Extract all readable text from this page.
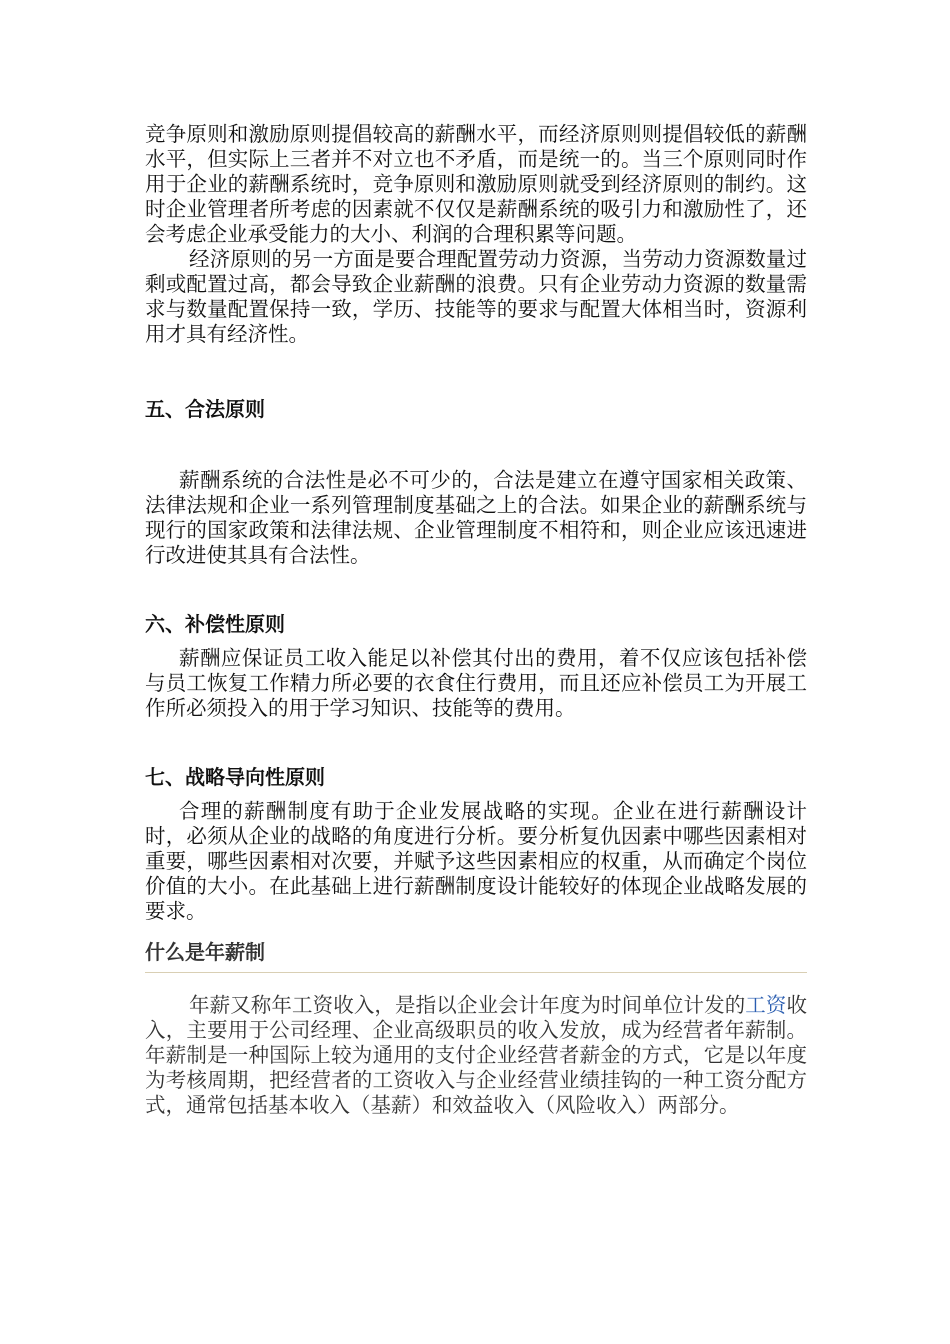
竞争原则和激励原则提倡较高的薪酬水平，而经济原则则提倡较低的薪酬水平，但实际上三者并不对立也不矛盾，而是统一的。当三个原则同时作用于企业的薪酬系统时，竞争原则和激励原则就受到经济原则的制约。这时企业管理者所考虑的因素就不仅仅是薪酬系统的吸引力和激励性了，还会考虑企业承受能力的大小、利润的合理积累等问题。

经济原则的另一方面是要合理配置劳动力资源，当劳动力资源数量过剩或配置过高，都会导致企业薪酬的浪费。只有企业劳动力资源的数量需求与数量配置保持一致，学历、技能等的要求与配置大体相当时，资源利用才具有经济性。

五、合法原则

薪酬系统的合法性是必不可少的，合法是建立在遵守国家相关政策、法律法规和企业一系列管理制度基础之上的合法。如果企业的薪酬系统与现行的国家政策和法律法规、企业管理制度不相符和，则企业应该迅速进行改进使其具有合法性。

六、补偿性原则

薪酬应保证员工收入能足以补偿其付出的费用，着不仅应该包括补偿与员工恢复工作精力所必要的衣食住行费用，而且还应补偿员工为开展工作所必须投入的用于学习知识、技能等的费用。

七、战略导向性原则

合理的薪酬制度有助于企业发展战略的实现。企业在进行薪酬设计时，必须从企业的战略的角度进行分析。要分析复仇因素中哪些因素相对重要，哪些因素相对次要，并赋予这些因素相应的权重，从而确定个岗位价值的大小。在此基础上进行薪酬制度设计能较好的体现企业战略发展的要求。

什么是年薪制

年薪又称年工资收入，是指以企业会计年度为时间单位计发的工资收入，主要用于公司经理、企业高级职员的收入发放，成为经营者年薪制。年薪制是一种国际上较为通用的支付企业经营者薪金的方式，它是以年度为考核周期，把经营者的工资收入与企业经营业绩挂钩的一种工资分配方式，通常包括基本收入（基薪）和效益收入（风险收入）两部分。
